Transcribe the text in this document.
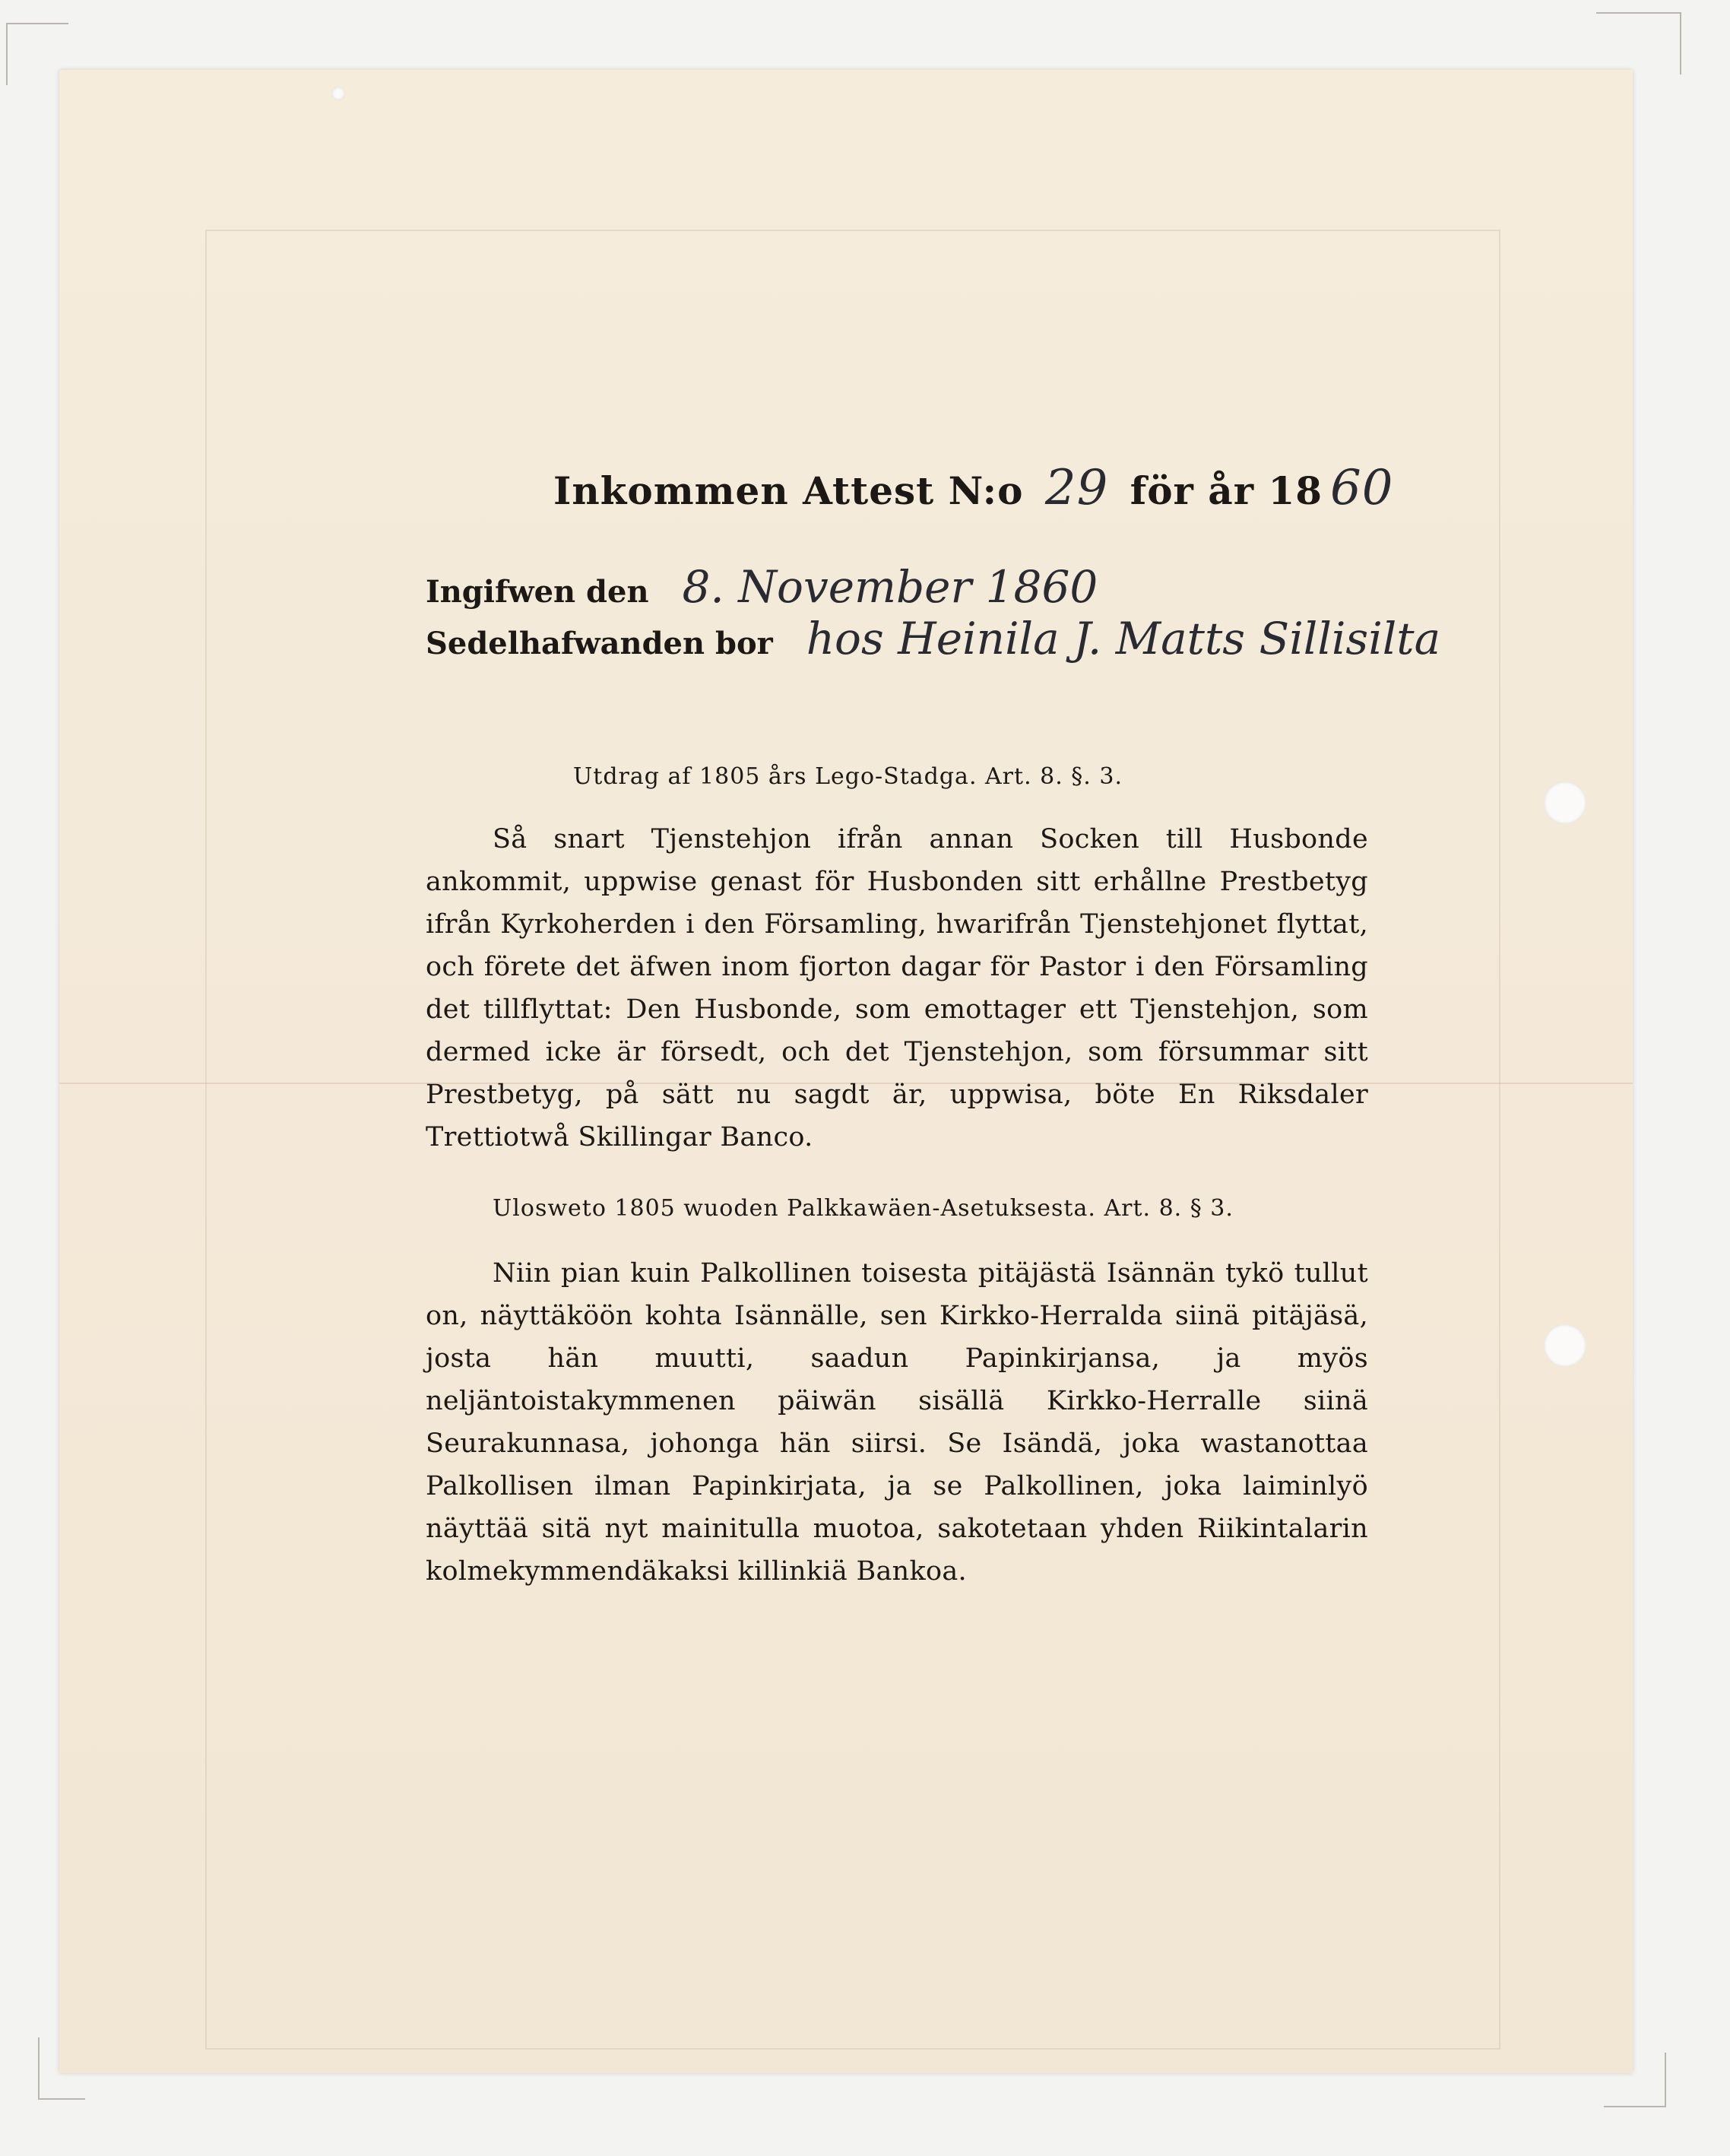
Inkommen Attest N:o 29 för år 18 60
Ingifwen den 8. November 1860
Sedelhafwanden bor hos Heinila J. Matts Sillisilta
Utdrag af 1805 års Lego-Stadga. Art. 8. §. 3.
Så snart Tjenstehjon ifrån annan Socken till Husbonde ankommit, uppwise genast för Husbonden sitt erhållne Prestbetyg ifrån Kyrkoherden i den Församling, hwarifrån Tjenstehjonet flyttat, och förete det äfwen inom fjorton dagar för Pastor i den Församling det tillflyttat: Den Husbonde, som emottager ett Tjenstehjon, som dermed icke är försedt, och det Tjenstehjon, som försummar sitt Prestbetyg, på sätt nu sagdt är, uppwisa, böte En Riksdaler Trettiotwå Skillingar Banco.
Ulosweto 1805 wuoden Palkkawäen-Asetuksesta. Art. 8. § 3.
Niin pian kuin Palkollinen toisesta pitäjästä Isännän tykö tullut on, näyttäköön kohta Isännälle, sen Kirkko-Herralda siinä pitäjäsä, josta hän muutti, saadun Papinkirjansa, ja myös neljäntoistakymmenen päiwän sisällä Kirkko-Herralle siinä Seurakunnasa, johonga hän siirsi. Se Isändä, joka wastanottaa Palkollisen ilman Papinkirjata, ja se Palkollinen, joka laiminlyö näyttää sitä nyt mainitulla muotoa, sakotetaan yhden Riikintalarin kolmekymmendäkaksi killinkiä Bankoa.
